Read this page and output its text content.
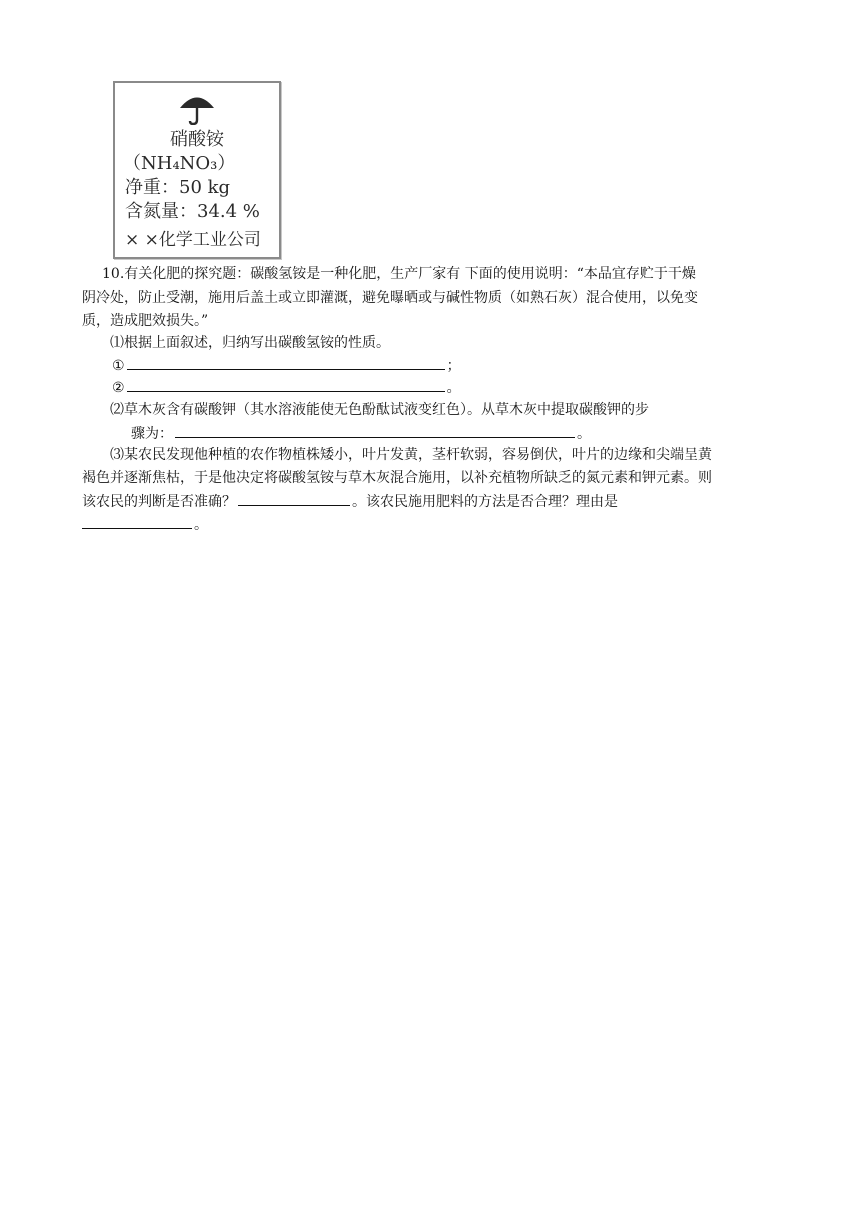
硝酸铵
（NH₄NO₃）
净重：50 kg
含氮量：34.4 %
× ×化学工业公司
10.有关化肥的探究题：碳酸氢铵是一种化肥，生产厂家有 下面的使用说明：“本品宜存贮于干燥
阴冷处，防止受潮，施用后盖土或立即灌溉，避免曝晒或与碱性物质（如熟石灰）混合使用，以免变
质，造成肥效损失。”
⑴根据上面叙述，归纳写出碳酸氢铵的性质。
①	；
②	。
⑵草木灰含有碳酸钾（其水溶液能使无色酚酞试液变红色）。从草木灰中提取碳酸钾的步
骤为：	。
⑶某农民发现他种植的农作物植株矮小，叶片发黄，茎杆软弱，容易倒伏，叶片的边缘和尖端呈黄
褐色并逐渐焦枯，于是他决定将碳酸氢铵与草木灰混合施用，以补充植物所缺乏的氮元素和钾元素。则
该农民的判断是否准确？	。该农民施用肥料的方法是否合理？理由是
。
